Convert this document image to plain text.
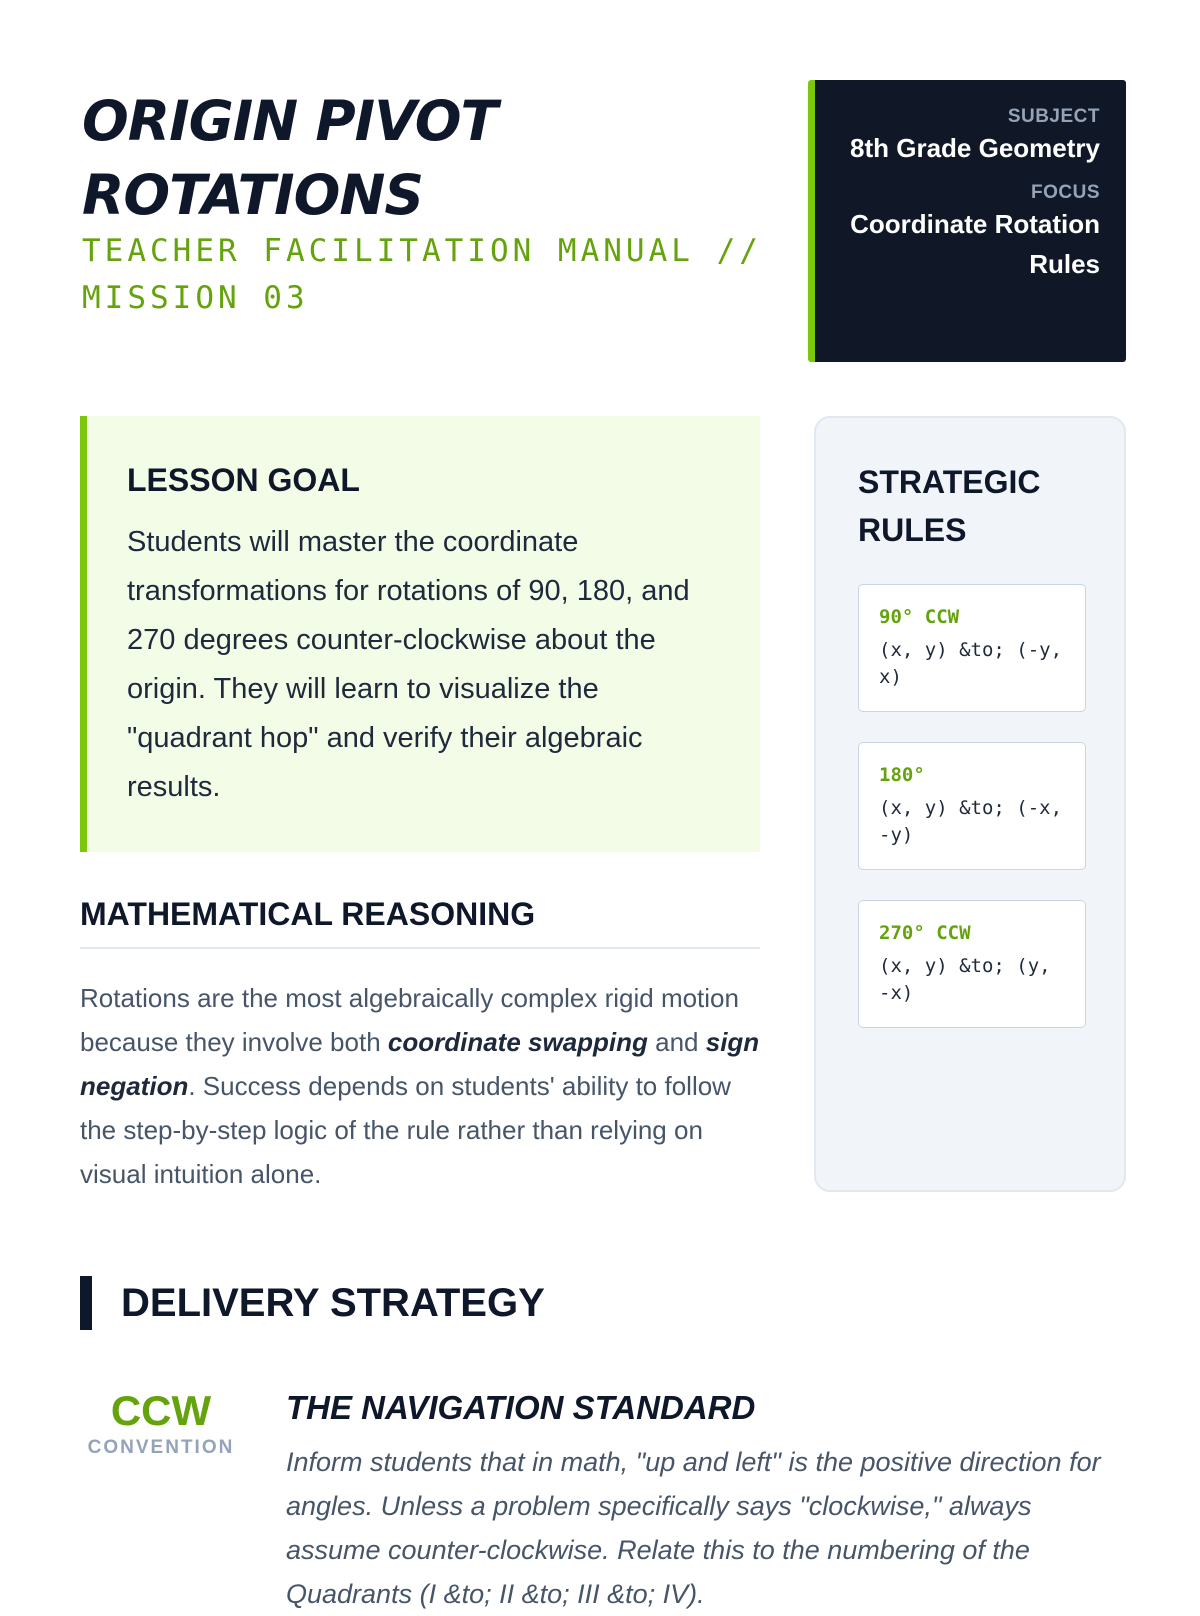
ORIGIN PIVOT ROTATIONS

TEACHER FACILITATION MANUAL // MISSION 03

SUBJECT
8th Grade Geometry
FOCUS
Coordinate Rotation Rules
LESSON GOAL

Students will master the coordinate transformations for rotations of 90, 180, and 270 degrees counter-clockwise about the origin. They will learn to visualize the "quadrant hop" and verify their algebraic results.

MATHEMATICAL REASONING

Rotations are the most algebraically complex rigid motion because they involve both coordinate swapping and sign negation. Success depends on students' ability to follow the step-by-step logic of the rule rather than relying on visual intuition alone.

STRATEGIC RULES
90° CCW
(x, y) &to; (-y, x)
180°
(x, y) &to; (-x, -y)
270° CCW
(x, y) &to; (y, -x)
DELIVERY STRATEGY
CCW
CONVENTION
THE NAVIGATION STANDARD

Inform students that in math, "up and left" is the positive direction for angles. Unless a problem specifically says "clockwise," always assume counter-clockwise. Relate this to the numbering of the Quadrants (I &to; II &to; III &to; IV).
